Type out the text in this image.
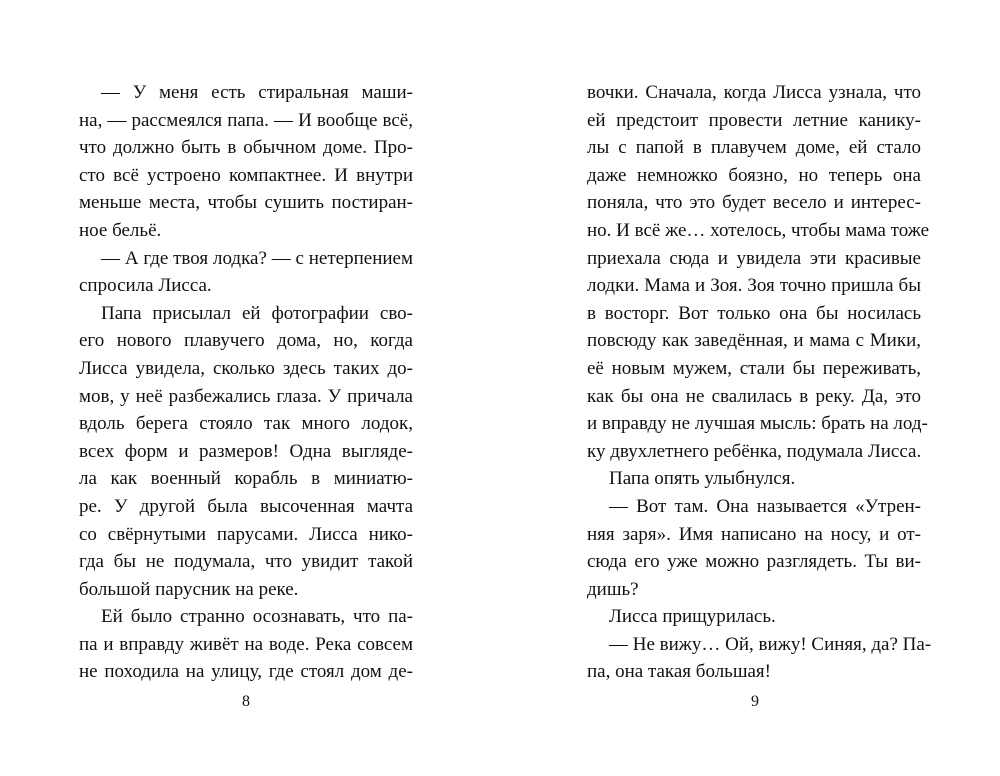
— У меня есть стиральная маши-
на, — рассмеялся папа. — И вообще всё,
что должно быть в обычном доме. Про-
сто всё устроено компактнее. И внутри
меньше места, чтобы сушить постиран-
ное бельё.
— А где твоя лодка? — с нетерпением
спросила Лисса.
Папа присылал ей фотографии сво-
его нового плавучего дома, но, когда
Лисса увидела, сколько здесь таких до-
мов, у неё разбежались глаза. У причала
вдоль берега стояло так много лодок,
всех форм и размеров! Одна выгляде-
ла как военный корабль в миниатю-
ре. У другой была высоченная мачта
со свёрнутыми парусами. Лисса нико-
гда бы не подумала, что увидит такой
большой парусник на реке.
Ей было странно осознавать, что па-
па и вправду живёт на воде. Река совсем
не походила на улицу, где стоял дом де-
вочки. Сначала, когда Лисса узнала, что
ей предстоит провести летние канику-
лы с папой в плавучем доме, ей стало
даже немножко боязно, но теперь она
поняла, что это будет весело и интерес-
но. И всё же… хотелось, чтобы мама тоже
приехала сюда и увидела эти красивые
лодки. Мама и Зоя. Зоя точно пришла бы
в восторг. Вот только она бы носилась
повсюду как заведённая, и мама с Мики,
её новым мужем, стали бы переживать,
как бы она не свалилась в реку. Да, это
и вправду не лучшая мысль: брать на лод-
ку двухлетнего ребёнка, подумала Лисса.
Папа опять улыбнулся.
— Вот там. Она называется «Утрен-
няя заря». Имя написано на носу, и от-
сюда его уже можно разглядеть. Ты ви-
дишь?
Лисса прищурилась.
— Не вижу… Ой, вижу! Синяя, да? Па-
па, она такая большая!
8	9
